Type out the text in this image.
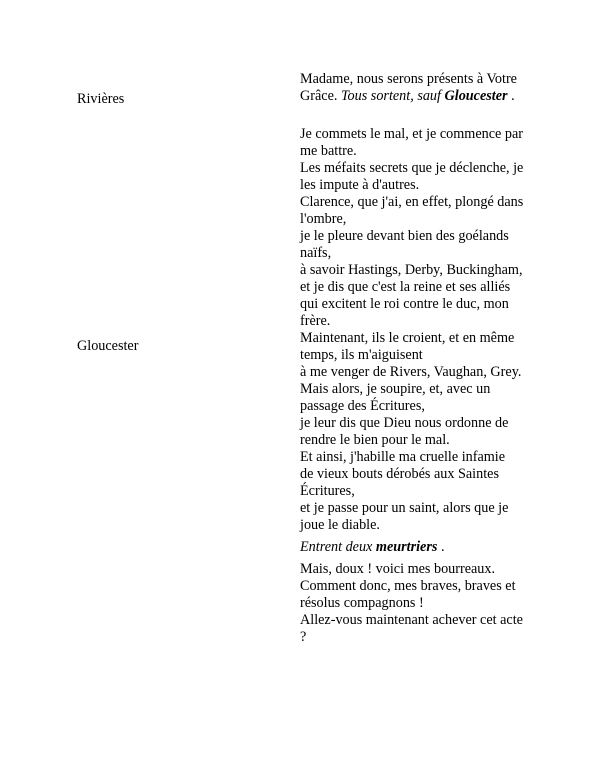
Rivières
Madame, nous serons présents à Votre Grâce. Tous sortent, sauf Gloucester .
Gloucester

Je commets le mal, et je commence par me battre.

Les méfaits secrets que je déclenche, je les impute à d'autres.

Clarence, que j'ai, en effet, plongé dans l'ombre,

je le pleure devant bien des goélands naïfs,

à savoir Hastings, Derby, Buckingham,

et je dis que c'est la reine et ses alliés qui excitent le roi contre le duc, mon frère.

Maintenant, ils le croient, et en même temps, ils m'aiguisent

à me venger de Rivers, Vaughan, Grey.

Mais alors, je soupire, et, avec un passage des Écritures,

je leur dis que Dieu nous ordonne de rendre le bien pour le mal.

Et ainsi, j'habille ma cruelle infamie

de vieux bouts dérobés aux Saintes Écritures,

et je passe pour un saint, alors que je joue le diable.

Entrent deux meurtriers .

Mais, doux ! voici mes bourreaux.

Comment donc, mes braves, braves et résolus compagnons !

Allez-vous maintenant achever cet acte ?
